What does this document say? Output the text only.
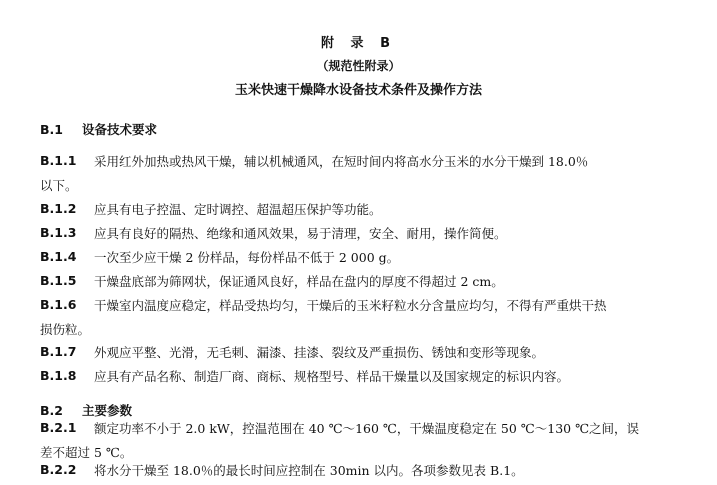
附 录 B
（规范性附录）
玉米快速干燥降水设备技术条件及操作方法
B.1 设备技术要求
B.1.1	采用红外加热或热风干燥，辅以机械通风，在短时间内将高水分玉米的水分干燥到 18.0％
以下。
B.1.2	应具有电子控温、定时调控、超温超压保护等功能。
B.1.3	应具有良好的隔热、绝缘和通风效果，易于清理，安全、耐用，操作简便。
B.1.4	一次至少应干燥 2 份样品，每份样品不低于 2 000 g。
B.1.5	干燥盘底部为筛网状，保证通风良好，样品在盘内的厚度不得超过 2 cm。
B.1.6	干燥室内温度应稳定，样品受热均匀，干燥后的玉米籽粒水分含量应均匀，不得有严重烘干热
损伤粒。
B.1.7	外观应平整、光滑，无毛刺、漏漆、挂漆、裂纹及严重损伤、锈蚀和变形等现象。
B.1.8	应具有产品名称、制造厂商、商标、规格型号、样品干燥量以及国家规定的标识内容。
B.2 主要参数
B.2.1	额定功率不小于 2.0 kW，控温范围在 40 ℃～160 ℃，干燥温度稳定在 50 ℃～130 ℃之间，误
差不超过 5 ℃。
B.2.2	将水分干燥至 18.0％的最长时间应控制在 30min 以内。各项参数见表 B.1。
